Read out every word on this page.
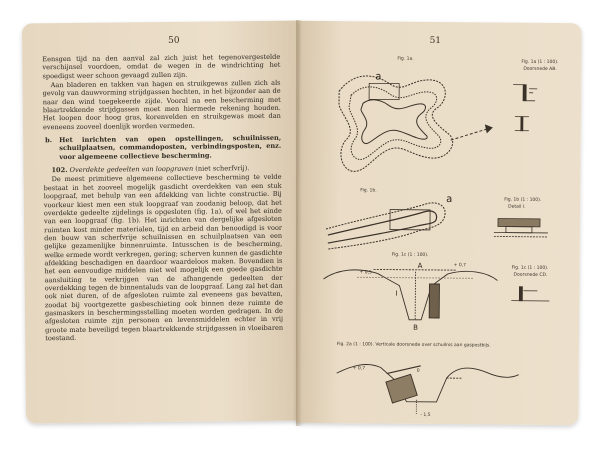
50

Eensgen tijd na den aanval zal zich juist het tegenovergestelde verschijnsel voordoen, omdat de wegen in de windrichting het spoedigst weer schoon gevaagd zullen zijn.

Aan bladeren en takken van hagen en struikgewas zullen zich als gevolg van dauwvorming strijdgassen hechten, in het bijzonder aan de naar den wind toegekeerde zijde. Vooral na een bescherming met blaartrekkende strijdgassen moet men hiermede rekening houden. Het loopen door hoog gras, korenvelden en struikgewas moet dan eveneens zooveel doenlijk worden vermeden.

b. Het inrichten van open opstellingen, schuilnissen, schuilplaatsen, commandoposten, verbindingsposten, enz. voor algemeene collectieve bescherming.

102. Overdekte gedeelten van loopgraven (niet scherfvrij).

De meest primitieve algemeene collectieve bescherming te velde bestaat in het zooveel mogelijk gasdicht overdekken van een stuk loopgraaf, met behulp van een afdekking van lichte constructie. Bij voorkeur kiest men een stuk loopgraaf van zoodanig beloop, dat het overdekte gedeelte zijdelings is opgesloten (fig. 1a), of wel het einde van een loopgraaf (fig. 1b). Het inrichten van dergelijke afgesloten ruimten kost minder materialen, tijd en arbeid dan benoodigd is voor den bouw van scherfvrije schuilnissen en schuilplaatsen van een gelijke gezamenlijke binnenruimte. Intusschen is de bescherming, welke ermede wordt verkregen, gering; scherven kunnen de gasdichte afdekking beschadigen en daardoor waardeloos maken. Bovendien is het een eenvoudige middelen niet wel mogelijk een goede gasdichte aansluiting te verkrijgen van de afhangende gedeelten der overdekking tegen de binnentaluds van de loopgraaf. Lang zal het dan ook niet duren, of de afgesloten ruimte zal eveneens gas bevatten, zoodat bij voortgezette gasbeschieting ook binnen deze ruimte de gasmaskers in beschermingsstelling moeten worden gedragen. In de afgesloten ruimte zijn personen en levensmiddelen echter in vrij groote mate beveiligd tegen blaartrekkende strijdgassen in vloeibaren toestand.

51
Fig. 1a.
a
Fig. 1a (1 : 100).
Doorsnede AB.
Fig. 1b.
a	Fig. 1b (1 : 100).
Detail I.
Fig. 1c (1 : 100).
+ 0,7
+ 0,5
A
I
B
Fig. 1c (1 : 100).
Doorsnede CD.
Fig. 2a (1 : 100). Verticale doorsnede over schuilnis aan gaspostbijs.
+ 0,7	0
- 1,5
